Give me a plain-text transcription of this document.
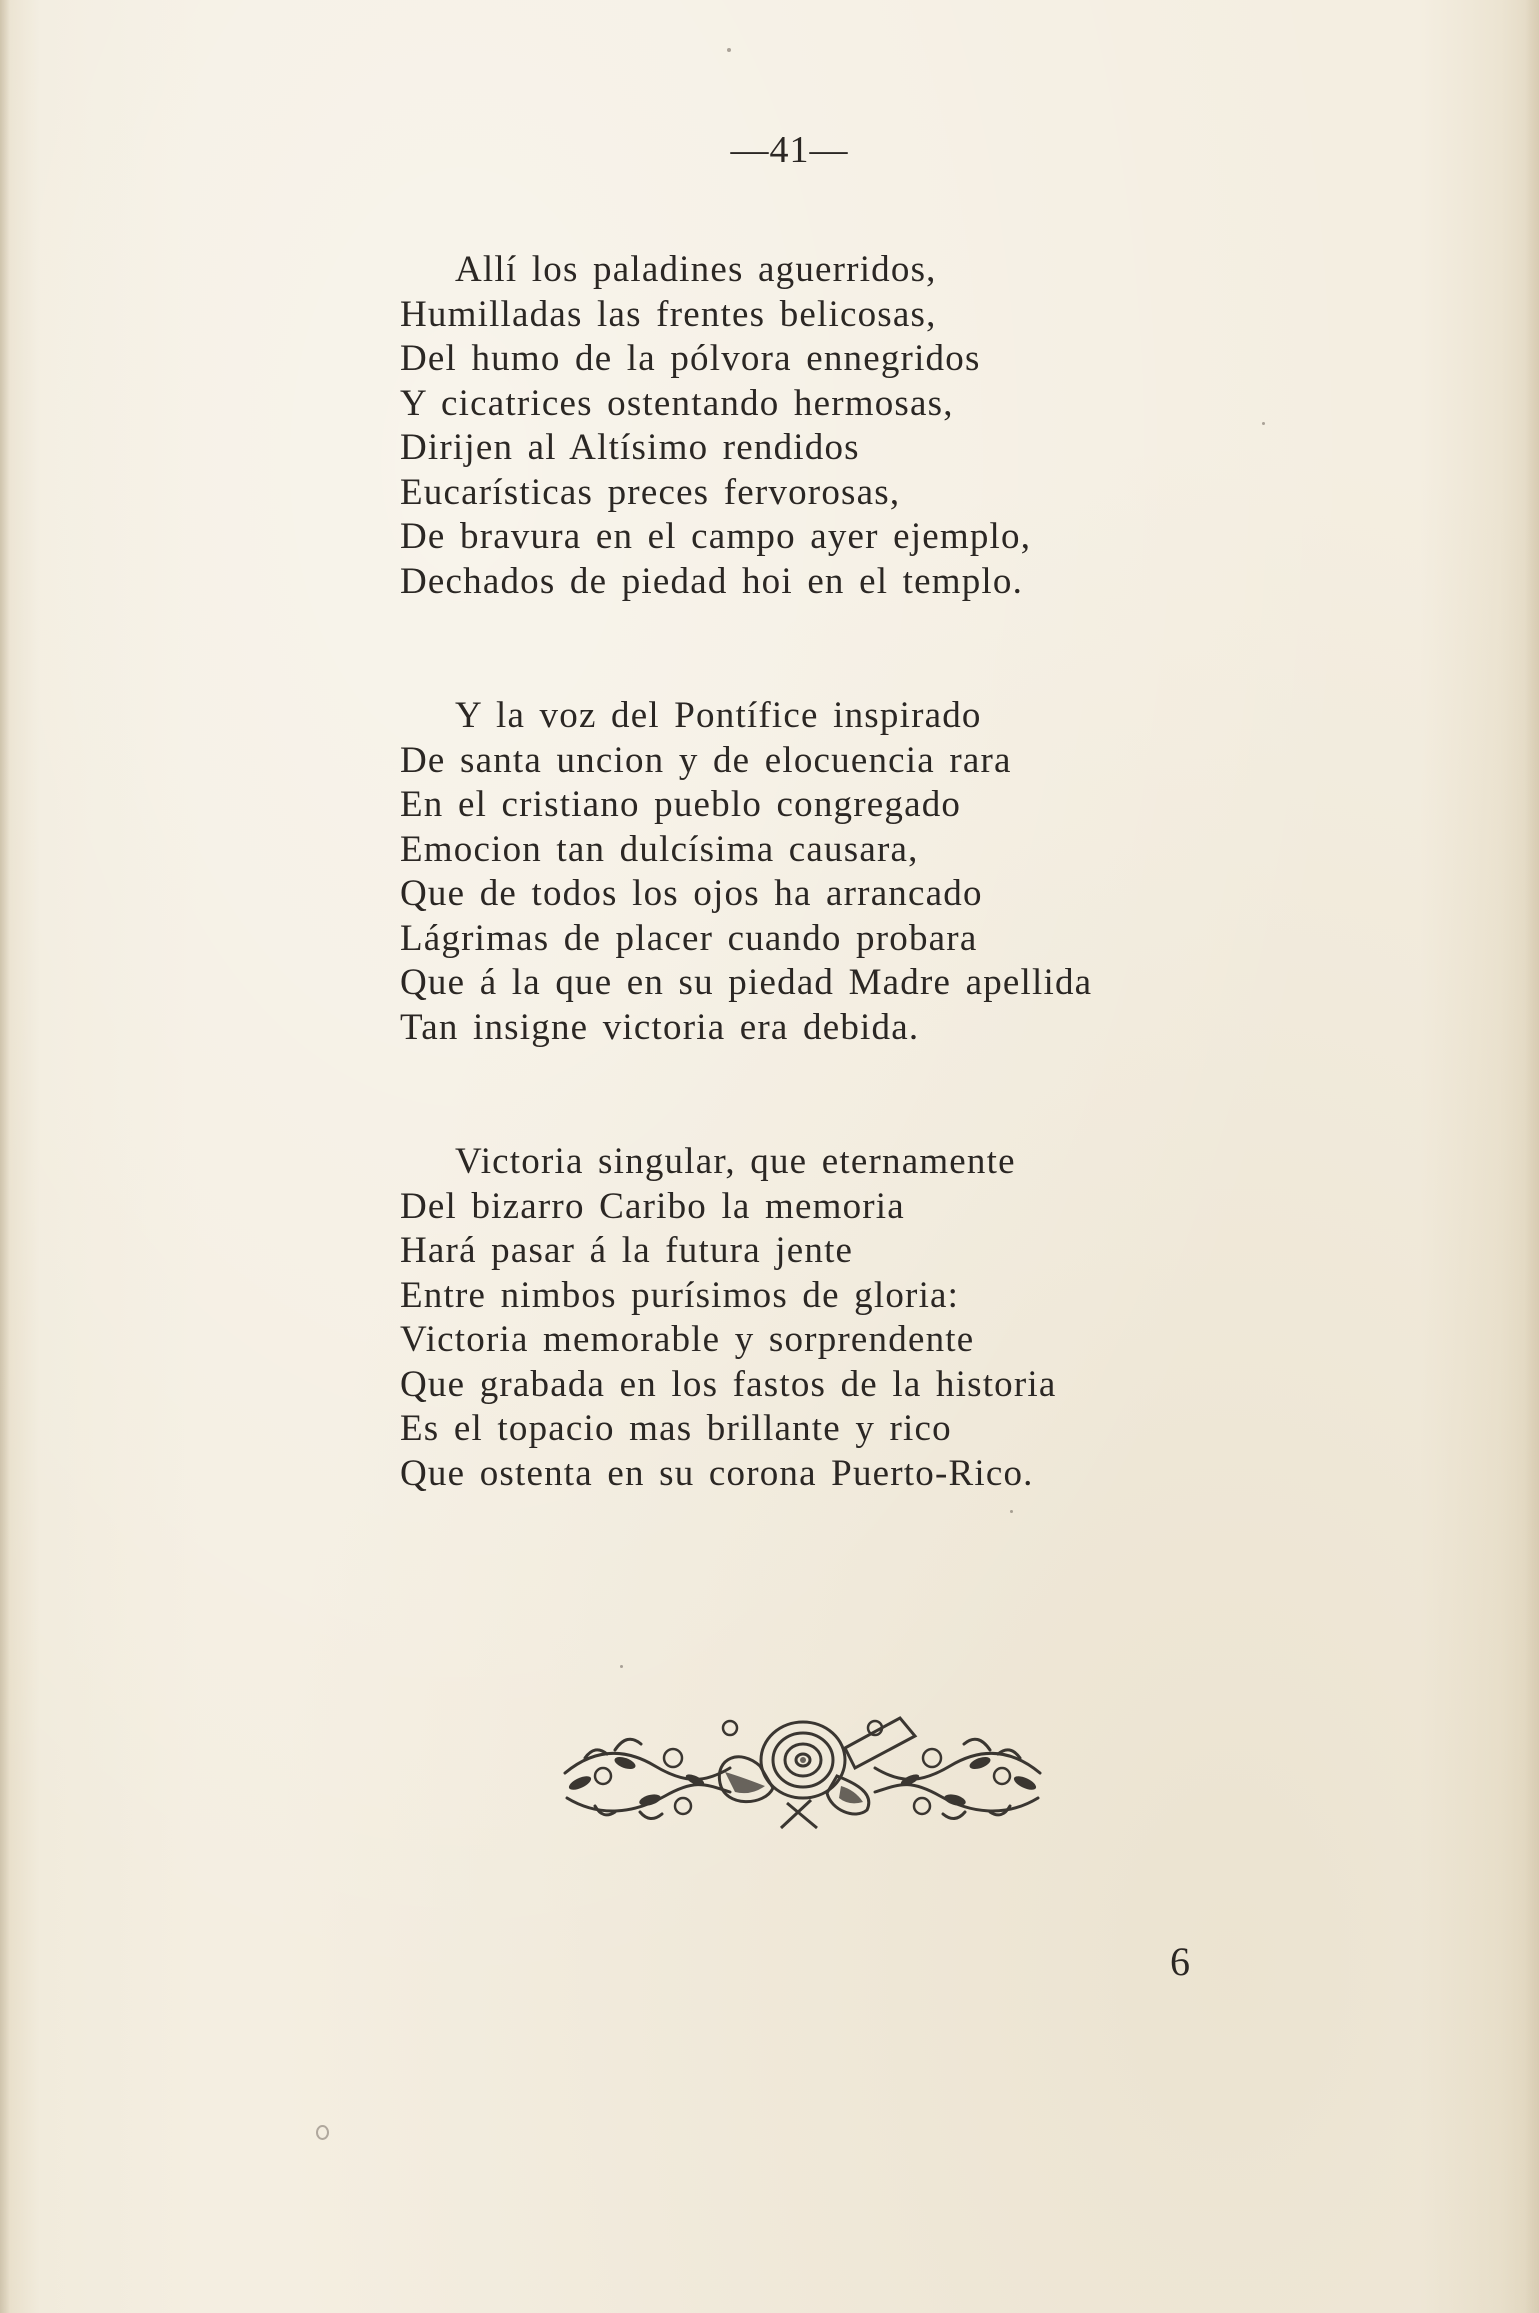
—41—
Allí los paladines aguerridos,
Humilladas las frentes belicosas,
Del humo de la pólvora ennegridos
Y cicatrices ostentando hermosas,
Dirijen al Altísimo rendidos
Eucarísticas preces fervorosas,
De bravura en el campo ayer ejemplo,
Dechados de piedad hoi en el templo.
Y la voz del Pontífice inspirado
De santa uncion y de elocuencia rara
En el cristiano pueblo congregado
Emocion tan dulcísima causara,
Que de todos los ojos ha arrancado
Lágrimas de placer cuando probara
Que á la que en su piedad Madre apellida
Tan insigne victoria era debida.
Victoria singular, que eternamente
Del bizarro Caribo la memoria
Hará pasar á la futura jente
Entre nimbos purísimos de gloria:
Victoria memorable y sorprendente
Que grabada en los fastos de la historia
Es el topacio mas brillante y rico
Que ostenta en su corona Puerto-Rico.
6
